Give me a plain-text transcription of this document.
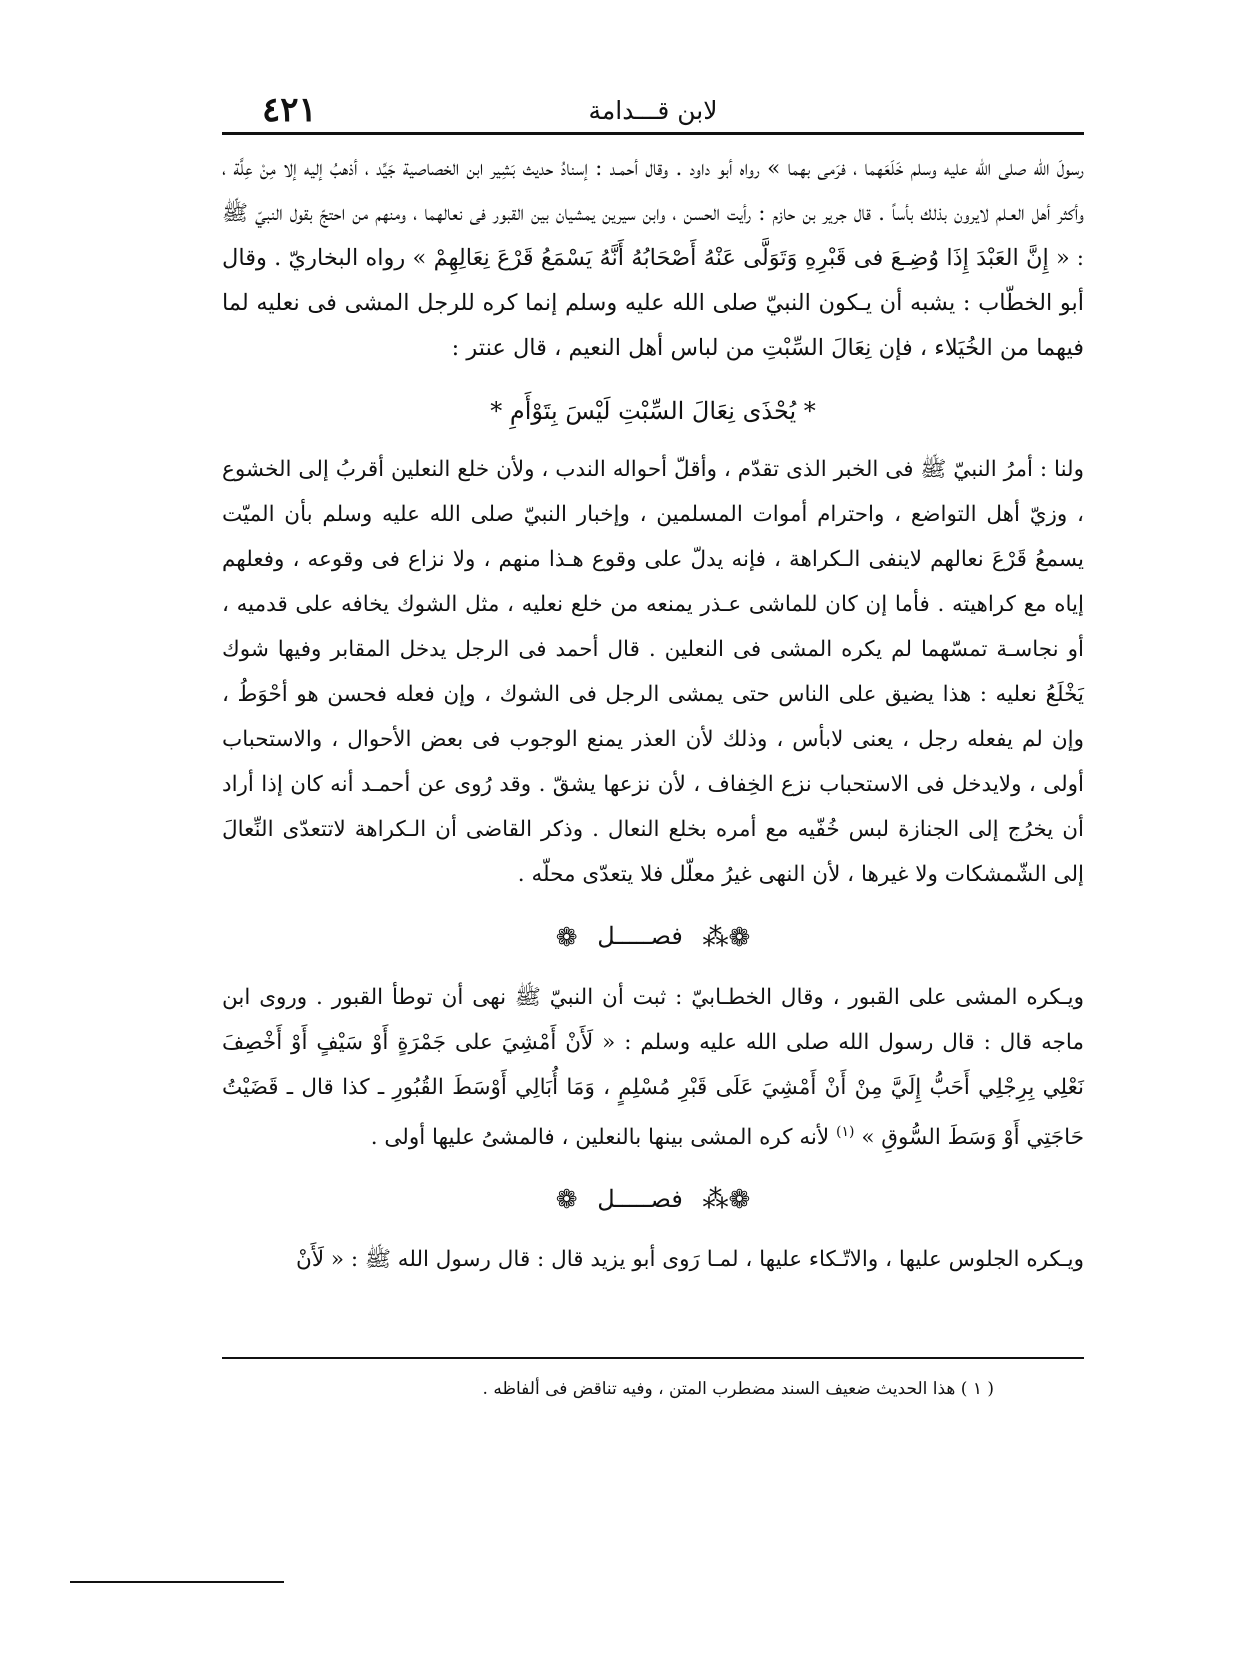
لابن قـــدامة
٤٢١

رسولَ الله صلى الله عليه وسلم خَلَعَهما ، فرَمى بهما » رواه أبو داود . وقال أحمـد : إسنادُ حديث بَشِير ابن الخصاصية جَيِّد ، أذهبُ إليه إلا مِنْ عِلَّة ، وأكثر أهل العـلم لايرون بذلك بأساً . قال جرير بن حازم : رأيت الحسن ، وابن سيرين يمشيان بين القبور فى نعالهما ، ومنهم من احتجّ بقول النبيّ ﷺ : « إِنَّ العَبْدَ إِذَا وُضِـعَ فى قَبْرِهِ وَتَوَلَّى عَنْهُ أَصْحَابُهُ أَنَّهُ يَسْمَعُ قَرْعَ نِعَالِهِمْ » رواه البخاريّ . وقال أبو الخطّاب : يشبه أن يـكون النبيّ صلى الله عليه وسلم إنما كره للرجل المشى فى نعليه لما فيهما من الخُيَلاء ، فإن نِعَالَ السِّبْتِ من لباس أهل النعيم ، قال عنتر :

* يُحْذَى نِعَالَ السِّبْتِ لَيْسَ بِتَوْأَمِ *

ولنا : أمرُ النبيّ ﷺ فى الخبر الذى تقدّم ، وأقلّ أحواله الندب ، ولأن خلع النعلين أقربُ إلى الخشوع ، وزيّ أهل التواضع ، واحترام أموات المسلمين ، وإخبار النبيّ صلى الله عليه وسلم بأن الميّت يسمعُ قَرْعَ نعالهم لاينفى الـكراهة ، فإنه يدلّ على وقوع هـذا منهم ، ولا نزاع فى وقوعه ، وفعلهم إياه مع كراهيته . فأما إن كان للماشى عـذر يمنعه من خلع نعليه ، مثل الشوك يخافه على قدميه ، أو نجاسـة تمسّهما لم يكره المشى فى النعلين . قال أحمد فى الرجل يدخل المقابر وفيها شوك يَخْلَعُ نعليه : هذا يضيق على الناس حتى يمشى الرجل فى الشوك ، وإن فعله فحسن هو أحْوَطُ ، وإن لم يفعله رجل ، يعنى لابأس ، وذلك لأن العذر يمنع الوجوب فى بعض الأحوال ، والاستحباب أولى ، ولايدخل فى الاستحباب نزع الخِفاف ، لأن نزعها يشقّ . وقد رُوى عن أحمـد أنه كان إذا أراد أن يخرُج إلى الجنازة لبس خُفّيه مع أمره بخلع النعال . وذكر القاضى أن الـكراهة لاتتعدّى النِّعالَ إلى الشّمشكات ولا غيرها ، لأن النهى غيرُ معلّل فلا يتعدّى محلّه .

❁⁂ فصـــــل ❁

ويـكره المشى على القبور ، وقال الخطـابيّ : ثبت أن النبيّ ﷺ نهى أن توطأ القبور . وروى ابن ماجه قال : قال رسول الله صلى الله عليه وسلم : « لَأَنْ أَمْشِيَ على جَمْرَةٍ أَوْ سَيْفٍ أَوْ أَخْصِفَ نَعْلِي بِرِجْلِي أَحَبُّ إِلَيَّ مِنْ أَنْ أَمْشِيَ عَلَى قَبْرِ مُسْلِمٍ ، وَمَا أُبَالِي أَوْسَطَ القُبُورِ ـ كذا قال ـ قَضَيْتُ حَاجَتِي أَوْ وَسَطَ السُّوقِ » $^{(١)}$ لأنه كره المشى بينها بالنعلين ، فالمشىُ عليها أولى .

❁⁂ فصـــــل ❁

ويـكره الجلوس عليها ، والاتّـكاء عليها ، لمـا رَوى أبو يزيد قال : قال رسول الله ﷺ : « لَأَنْ

( ١ ) هذا الحديث ضعيف السند مضطرب المتن ، وفيه تناقض فى ألفاظه .
